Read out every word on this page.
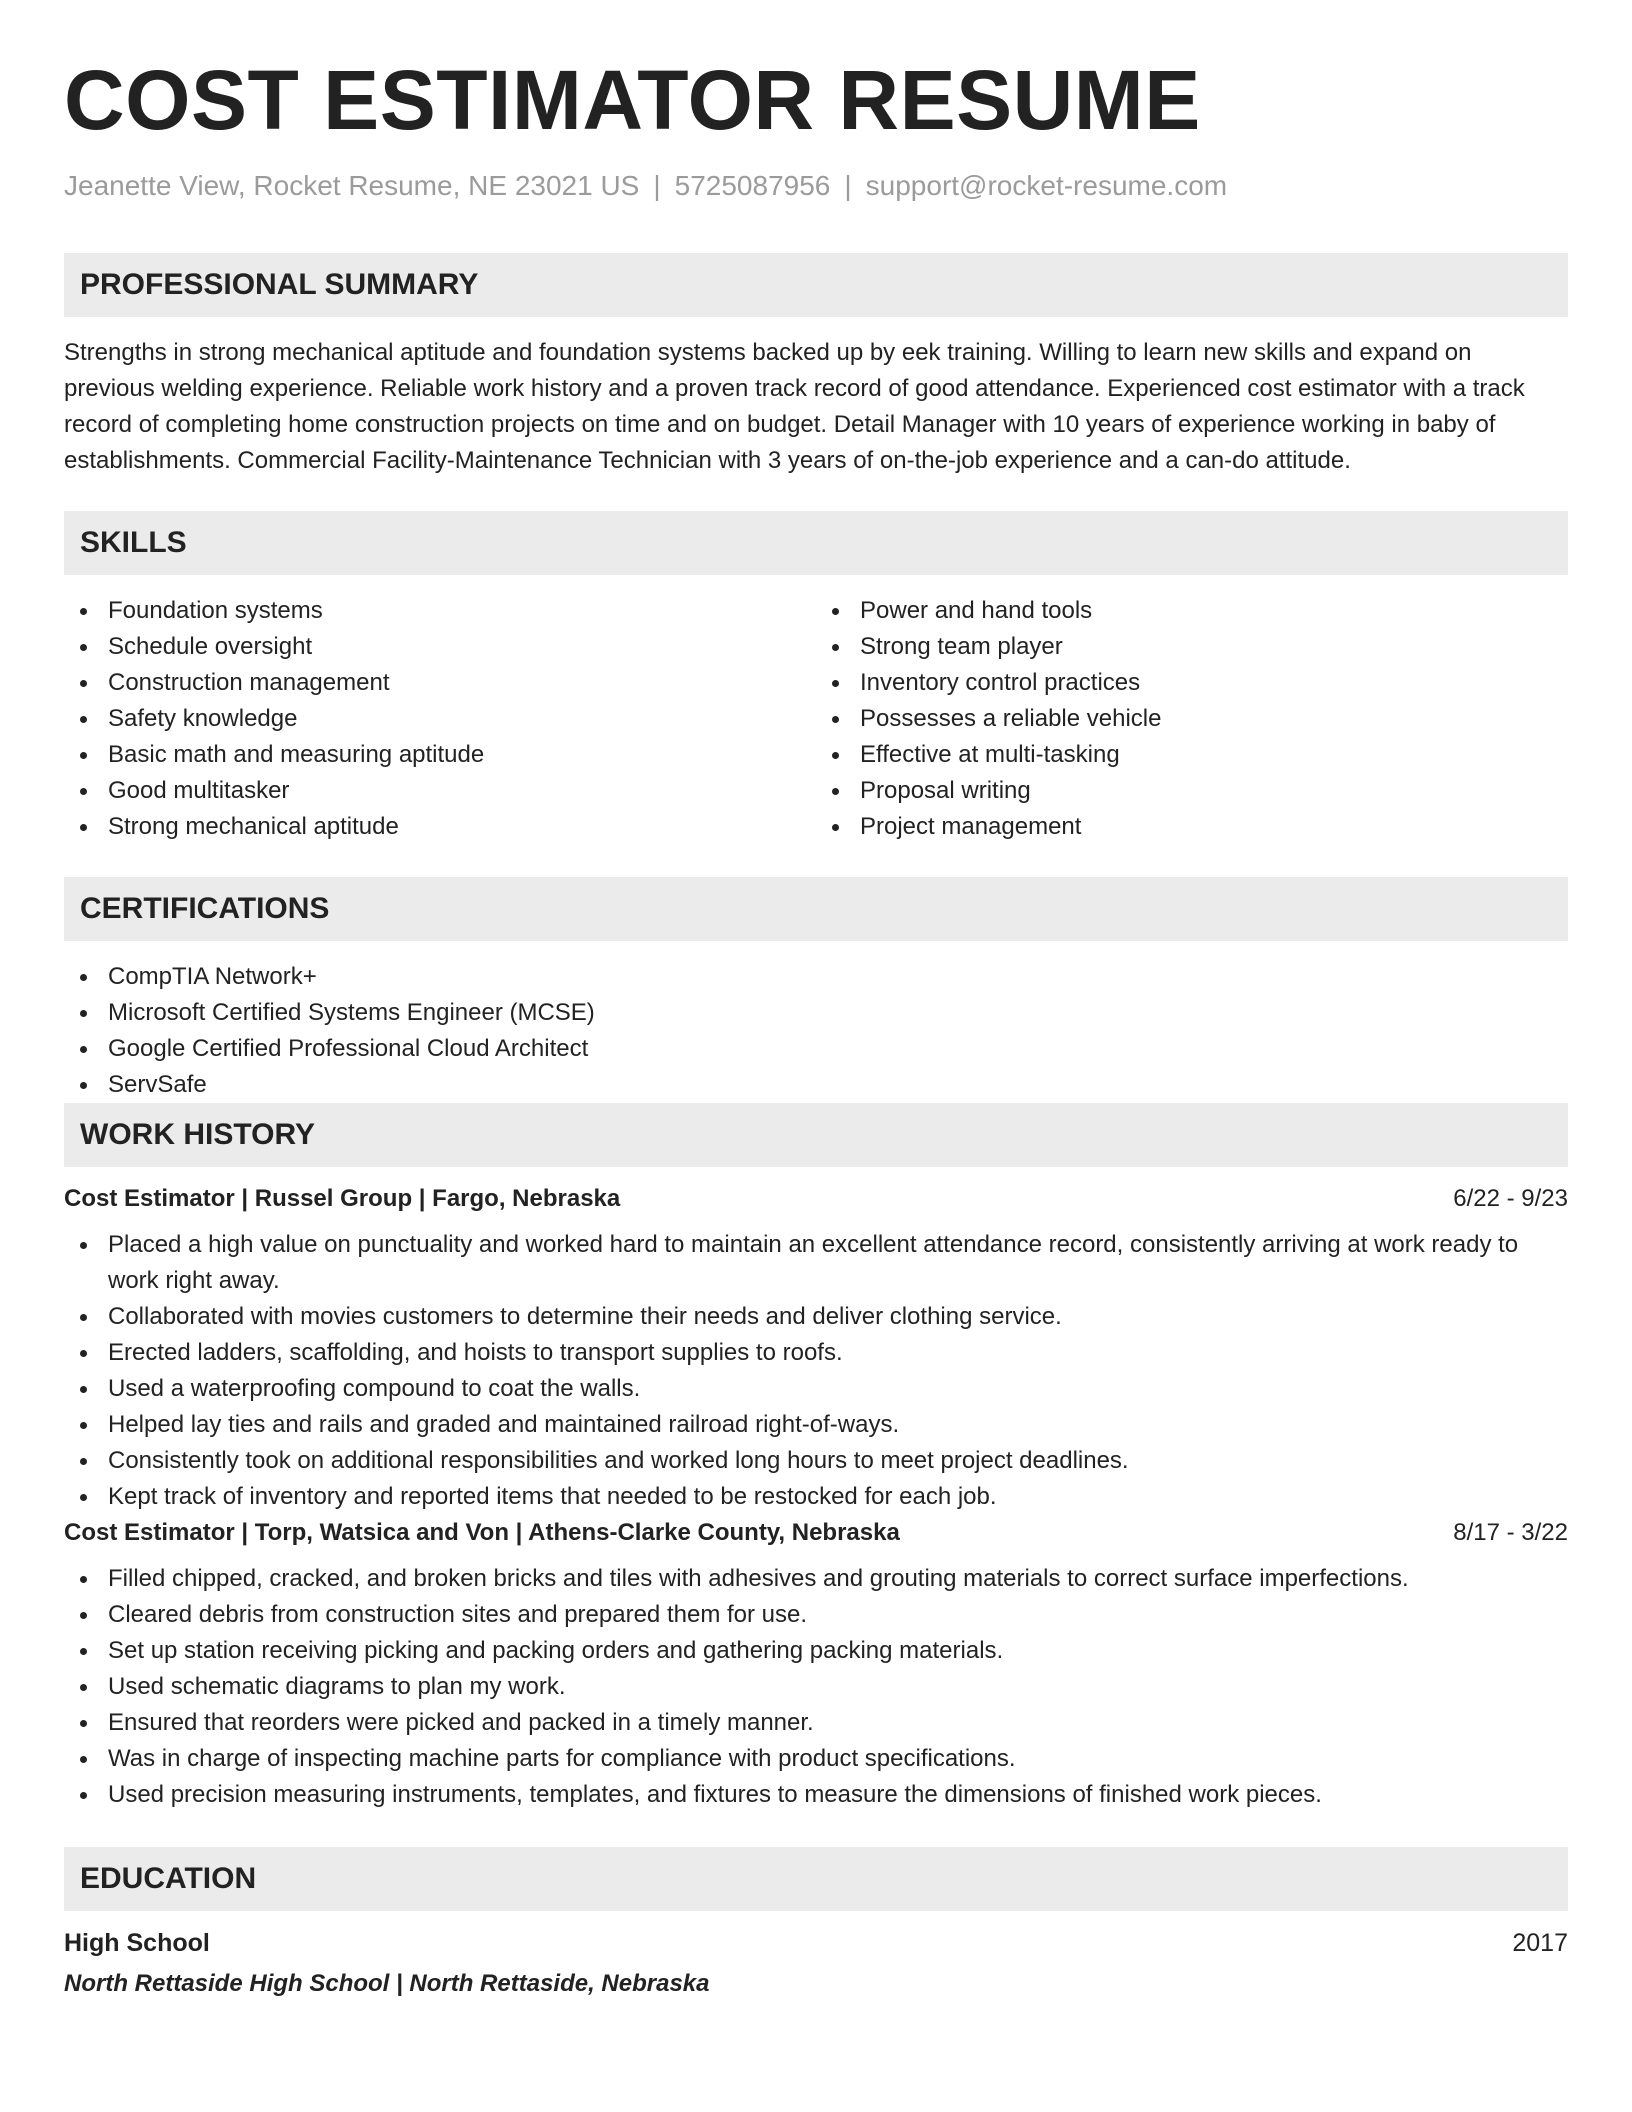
COST ESTIMATOR RESUME
Jeanette View, Rocket Resume, NE 23021 US | 5725087956 | support@rocket-resume.com
PROFESSIONAL SUMMARY

Strengths in strong mechanical aptitude and foundation systems backed up by eek training. Willing to learn new skills and expand on previous welding experience. Reliable work history and a proven track record of good attendance. Experienced cost estimator with a track record of completing home construction projects on time and on budget. Detail Manager with 10 years of experience working in baby of establishments. Commercial Facility-Maintenance Technician with 3 years of on-the-job experience and a can-do attitude.

SKILLS
Foundation systems
Schedule oversight
Construction management
Safety knowledge
Basic math and measuring aptitude
Good multitasker
Strong mechanical aptitude
Power and hand tools
Strong team player
Inventory control practices
Possesses a reliable vehicle
Effective at multi-tasking
Proposal writing
Project management
CERTIFICATIONS
CompTIA Network+
Microsoft Certified Systems Engineer (MCSE)
Google Certified Professional Cloud Architect
ServSafe
WORK HISTORY
Cost Estimator | Russel Group | Fargo, Nebraska	6/22 - 9/23
Placed a high value on punctuality and worked hard to maintain an excellent attendance record, consistently arriving at work ready to work right away.
Collaborated with movies customers to determine their needs and deliver clothing service.
Erected ladders, scaffolding, and hoists to transport supplies to roofs.
Used a waterproofing compound to coat the walls.
Helped lay ties and rails and graded and maintained railroad right-of-ways.
Consistently took on additional responsibilities and worked long hours to meet project deadlines.
Kept track of inventory and reported items that needed to be restocked for each job.
Cost Estimator | Torp, Watsica and Von | Athens-Clarke County, Nebraska	8/17 - 3/22
Filled chipped, cracked, and broken bricks and tiles with adhesives and grouting materials to correct surface imperfections.
Cleared debris from construction sites and prepared them for use.
Set up station receiving picking and packing orders and gathering packing materials.
Used schematic diagrams to plan my work.
Ensured that reorders were picked and packed in a timely manner.
Was in charge of inspecting machine parts for compliance with product specifications.
Used precision measuring instruments, templates, and fixtures to measure the dimensions of finished work pieces.
EDUCATION
High School	2017
North Rettaside High School | North Rettaside, Nebraska
